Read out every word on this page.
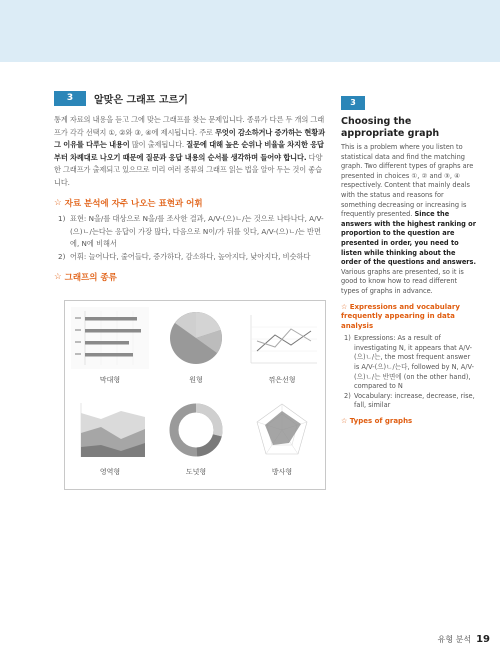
3	알맞은 그래프 고르기

통계 자료의 내용을 듣고 그에 맞는 그래프를 찾는 문제입니다. 종류가 다른 두 개의 그래프가 각각 선택지 ①, ②와 ③, ④에 제시됩니다. 주로 무엇이 감소하거나 증가하는 현황과 그 이유를 다루는 내용이 많이 출제됩니다. 질문에 대해 높은 순위나 비율을 차지한 응답부터 차례대로 나오기 때문에 질문과 응답 내용의 순서를 생각하며 들어야 합니다. 다양한 그래프가 출제되고 있으므로 미리 여러 종류의 그래프 읽는 법을 알아 두는 것이 좋습니다.

☆ 자료 분석에 자주 나오는 표현과 어휘
1) 표현: N을/를 대상으로 N을/를 조사한 결과, A/V-(으)ㄴ/는 것으로 나타나다, A/V-(으)ㄴ/는다는 응답이 가장 많다, 다음으로 N이/가 뒤를 잇다, A/V-(으)ㄴ/는 반면에, N에 비해서
2) 어휘: 늘어나다, 줄어들다, 증가하다, 감소하다, 높아지다, 낮아지다, 비슷하다
☆ 그래프의 종류
막대형	원형	꺾은선형
영역형	도넛형	방사형
3
Choosing the appropriate graph

This is a problem where you listen to statistical data and find the matching graph. Two different types of graphs are presented in choices ①, ② and ③, ④ respectively. Content that mainly deals with the status and reasons for something decreasing or increasing is frequently presented. Since the answers with the highest ranking or proportion to the question are presented in order, you need to listen while thinking about the order of the questions and answers. Various graphs are presented, so it is good to know how to read different types of graphs in advance.

☆ Expressions and vocabulary frequently appearing in data analysis
1) Expressions: As a result of investigating N, it appears that A/V-(으)ㄴ/는, the most frequent answer is A/V-(으)ㄴ/는다, followed by N, A/V-(으)ㄴ/는 반면에 (on the other hand), compared to N
2) Vocabulary: increase, decrease, rise, fall, similar
☆ Types of graphs
유형 분석 19
